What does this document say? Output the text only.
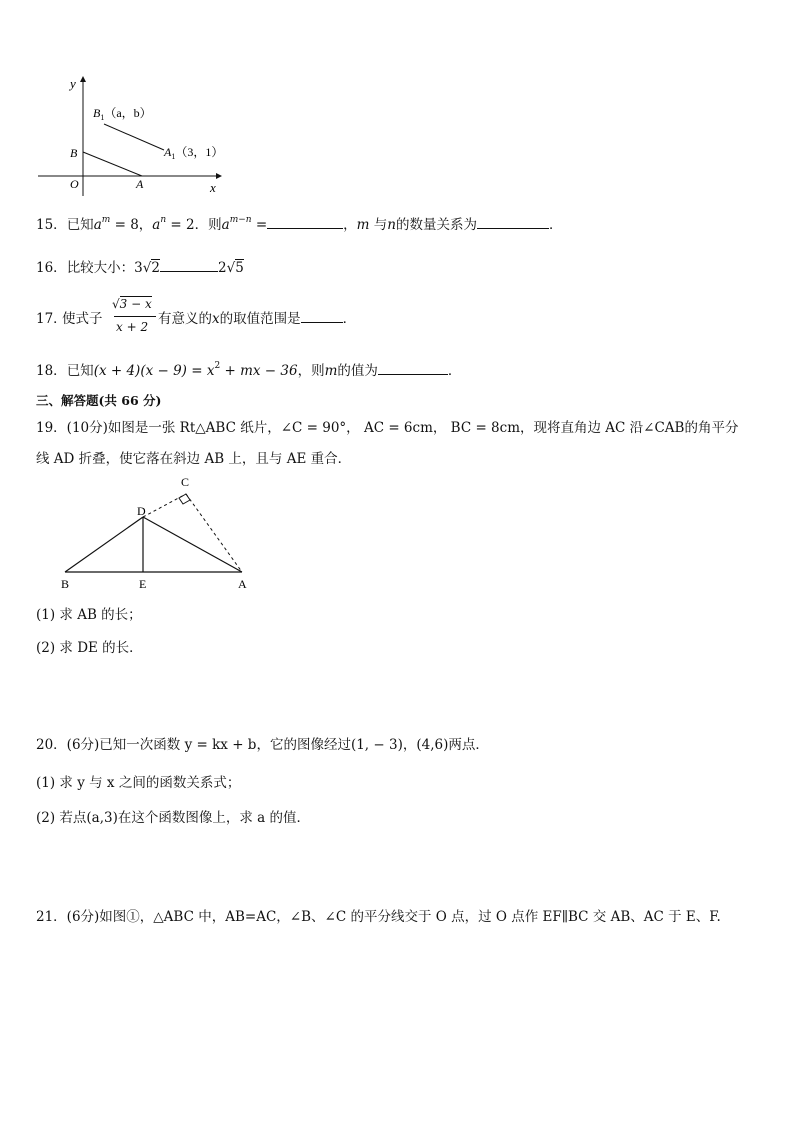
y
x
O	A
B
$B_1(a$，b）
$A_1(3$，1）
15．已知$a^m = 8$，$a^n = 2$．则$a^{m-n}$ =	，m 与n的数量关系为	．
16．比较大小：3√2	2√5
17．
使式子
√3 − x
x + 2 有意义的x的取值范围是	．
18．已知$(x + 4)(x - 9) = x^2$ + mx − 36，则m的值为	．
三、解答题(共 66 分)
19．(10分)如图是一张 Rt△ABC 纸片，∠C = 90°， AC = 6cm， BC = 8cm，现将直角边 AC 沿∠CAB的角平分
线 AD 折叠，使它落在斜边 AB 上，且与 AE 重合．
C
D
B	E	A
(1) 求 AB 的长；
(2) 求 DE 的长．
20．(6分)已知一次函数 y = kx + b，它的图像经过(1, − 3)，(4,6)两点．
(1) 求 y 与 x 之间的函数关系式；
(2) 若点(a,3)在这个函数图像上，求 a 的值．
21．(6分)如图①，△ABC 中，AB=AC，∠B、∠C 的平分线交于 O 点，过 O 点作 EF∥BC 交 AB、AC 于 E、F.
